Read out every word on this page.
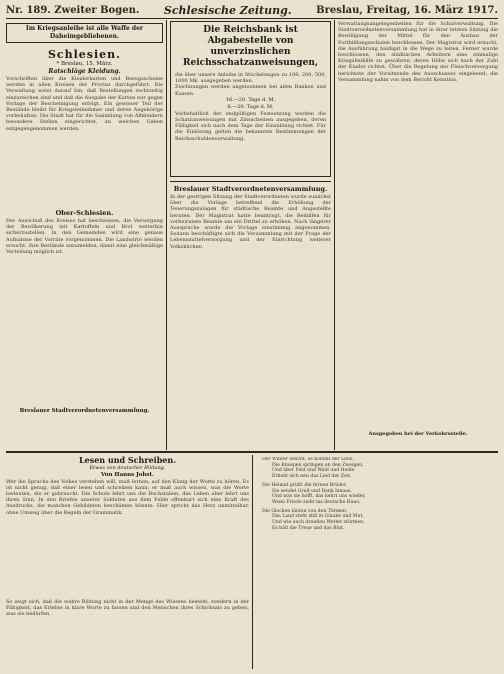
Nr. 189. Zweiter Bogen. Schlesische Zeitung. Breslau, Freitag, 16. März 1917.
Im Kriegsanleihe ist alle Waffe der Daheimgebliebenen.

Schlesien.

* Breslau, 15. März.

Ratschläge Kleidung.

Vorschriften über die Kleiderkarten und Bezugsscheine werden in allen Kreisen der Provinz durchgeführt. Die Verwaltung weist darauf hin, daß Bestellungen rechtzeitig einzureichen sind und daß die Ausgabe der Karten nur gegen Vorlage der Bescheinigung erfolgt. Ein gewisser Teil der Bestände bleibt für Kriegsteilnehmer und deren Angehörige vorbehalten. Die Stadt hat für die Sammlung von Altkleidern besondere Stellen eingerichtet, an welchen Gaben entgegengenommen werden.

Ober-Schlesien.

Der Ausschuß des Kreises hat beschlossen, die Versorgung der Bevölkerung mit Kartoffeln und Brot weiterhin sicherzustellen. In den Gemeinden wird eine genaue Aufnahme der Vorräte vorgenommen. Die Landwirte werden ersucht, ihre Bestände anzumelden, damit eine gleichmäßige Verteilung möglich ist.

Breslauer Stadtverordnetenversammlung.

Die Reichsbank ist Abgabestelle von unverzinslichen Reichsschatzanweisungen,

die über unsere Anleihe in Stückelungen zu 100, 200, 500, 1000 Mk. ausgegeben werden.

Zeichnungen werden angenommen bei allen Banken und Kassen.

16.—20. Tage d. M.

6.—20. Tage d. M.

Vorbehaltlich der endgültigen Festsetzung werden die Schatzanweisungen mit Zinsscheinen ausgegeben, deren Fälligkeit sich nach dem Tage der Einzahlung richtet. Für die Einlösung gelten die bekannten Bestimmungen der Reichsschuldenverwaltung.

Breslauer Stadtverordnetenversammlung.

In der gestrigen Sitzung der Stadtverordneten wurde zunächst über die Vorlage betreffend die Erhöhung der Teuerungszulagen für städtische Beamte und Angestellte beraten. Der Magistrat hatte beantragt, die Beihilfen für verheiratete Beamte um ein Drittel zu erhöhen. Nach längerer Aussprache wurde die Vorlage einstimmig angenommen. Sodann beschäftigte sich die Versammlung mit der Frage der Lebensmittelversorgung und der Einrichtung weiterer Volksküchen.

Verwaltungsangelegenheiten für die Schulverwaltung. Die Stadtverordnetenversammlung hat in ihrer letzten Sitzung die Bewilligung der Mittel für den Ausbau der Fortbildungsschulen beschlossen. Der Magistrat wird ersucht, die Ausführung baldigst in die Wege zu leiten. Ferner wurde beschlossen, den städtischen Arbeitern eine einmalige Kriegsbeihilfe zu gewähren, deren Höhe sich nach der Zahl der Kinder richtet. Über die Regelung der Fleischversorgung berichtete der Vorsitzende des Ausschusses eingehend; die Versammlung nahm von dem Bericht Kenntnis.

Ausgegeben bei der Verkehrsstelle.

Lesen und Schreiben.

Etwas von deutscher Bildung.

Von Hanns Johst.

Wer die Sprache des Volkes verstehen will, muß lernen, auf den Klang der Worte zu hören. Es ist nicht genug, daß einer lesen und schreiben kann; er muß auch wissen, was die Worte bedeuten, die er gebraucht. Die Schule lehrt uns die Buchstaben, das Leben aber lehrt uns ihren Sinn. In den Briefen unserer Soldaten aus dem Felde offenbart sich eine Kraft des Ausdrucks, die manchen Gebildeten beschämen könnte. Hier spricht das Herz unmittelbar, ohne Umweg über die Regeln der Grammatik.

So zeigt sich, daß die wahre Bildung nicht in der Menge des Wissens besteht, sondern in der Fähigkeit, das Erlebte in klare Worte zu fassen und den Menschen ihres Schicksals zu geben, was sie bedürfen.

Der Winter weicht, es kommt der Lenz,

Die Knospen springen an den Zweigen,

Und über Feld und Wald und Heide

Erhebt sich neu das Lied der Zeit.

Die Heimat grüßt die fernen Brüder,

Sie sendet Gruß und Dank hinaus,

Und was sie hofft, das kehrt uns wieder,

Wenn Friede zieht ins deutsche Haus.

Die Glocken läuten von den Türmen,

Das Land steht still in Glaube und Mut,

Und wie auch draußen Wetter stürmen,

Es hält die Treue und das Blut.
